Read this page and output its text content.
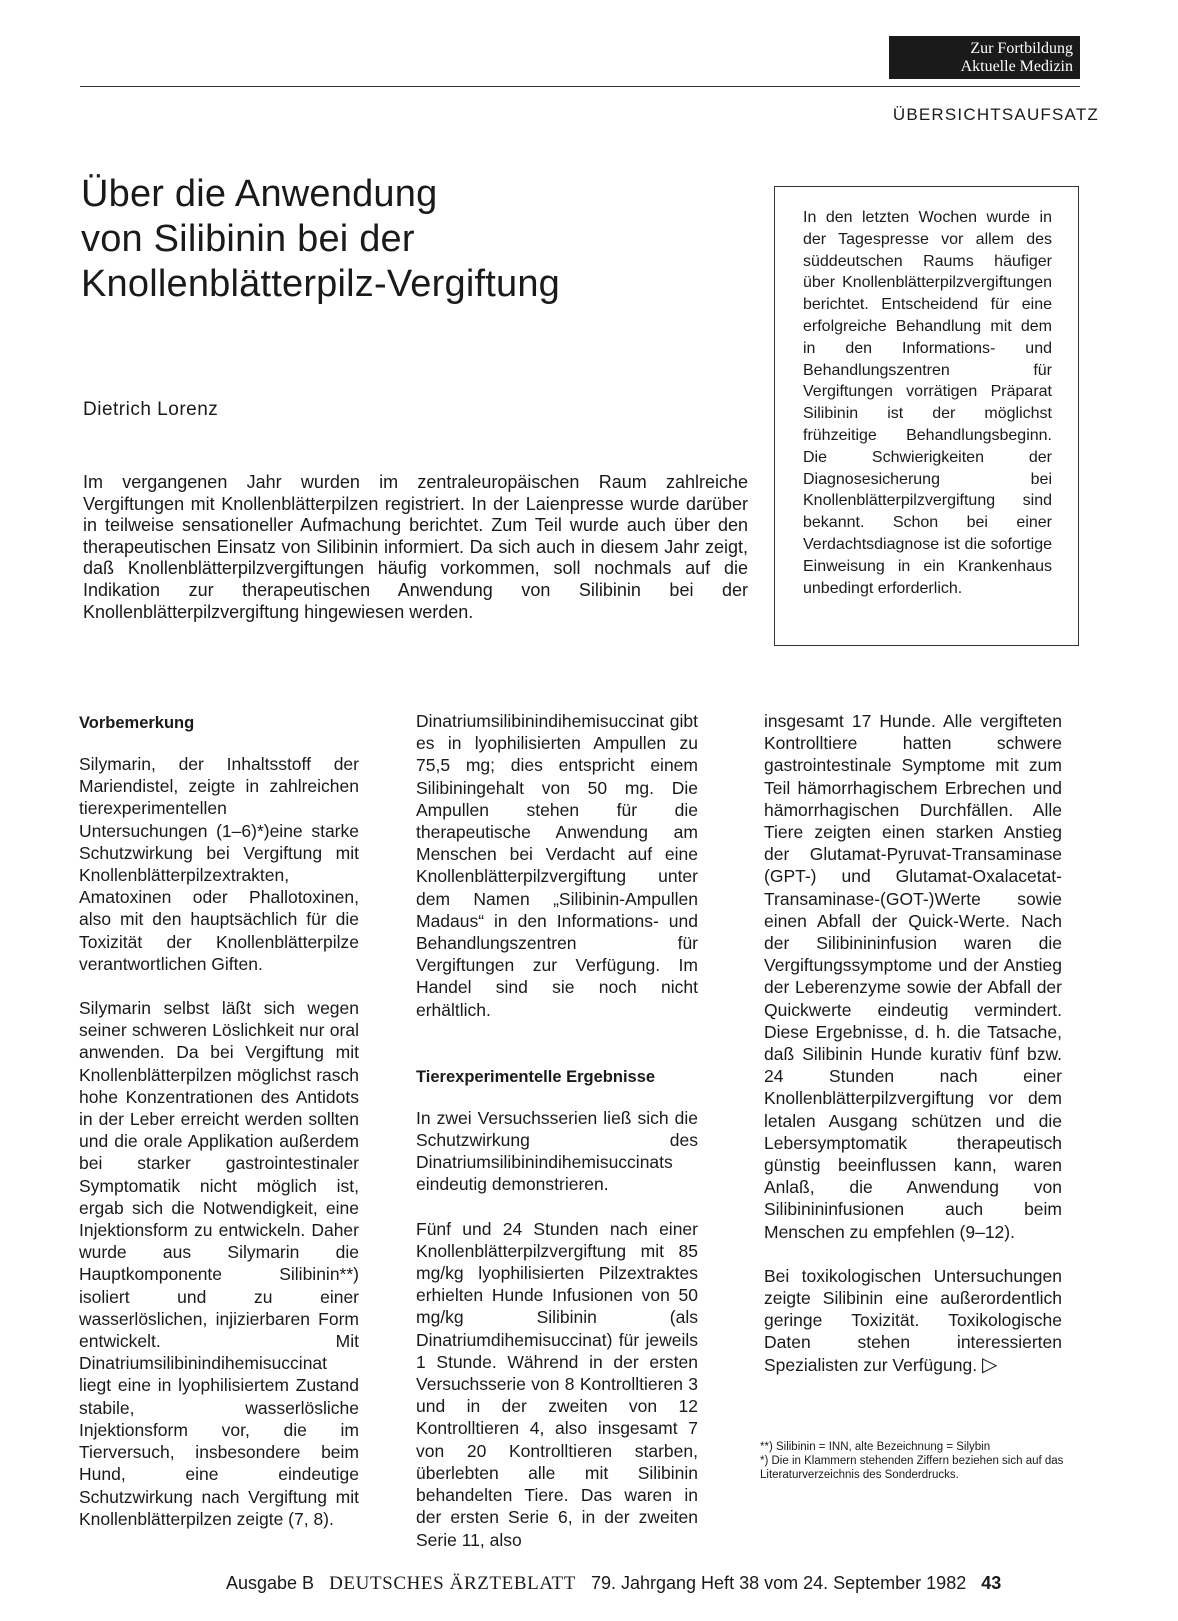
Zur Fortbildung
Aktuelle Medizin
ÜBERSICHTSAUFSATZ
Über die Anwendung
von Silibinin bei der
Knollenblätterpilz-Vergiftung
Dietrich Lorenz

Im vergangenen Jahr wurden im zentraleuropäischen Raum zahlreiche Vergiftungen mit Knollenblätterpilzen registriert. In der Laienpresse wurde darüber in teilweise sensationeller Aufmachung berichtet. Zum Teil wurde auch über den therapeutischen Einsatz von Silibinin informiert. Da sich auch in diesem Jahr zeigt, daß Knollenblätterpilzvergiftungen häufig vorkommen, soll nochmals auf die Indikation zur therapeutischen Anwendung von Silibinin bei der Knollenblätterpilzvergiftung hingewiesen werden.

In den letzten Wochen wurde in der Tagespresse vor allem des süddeutschen Raums häufiger über Knollenblätterpilzvergiftungen berichtet. Entscheidend für eine erfolgreiche Behandlung mit dem in den Informations- und Behandlungszentren für Vergiftungen vorrätigen Präparat Silibinin ist der möglichst frühzeitige Behandlungsbeginn. Die Schwierigkeiten der Diagnosesicherung bei Knollenblätterpilzvergiftung sind bekannt. Schon bei einer Verdachtsdiagnose ist die sofortige Einweisung in ein Krankenhaus unbedingt erforderlich.

Vorbemerkung

Silymarin, der Inhaltsstoff der Mariendistel, zeigte in zahlreichen tierexperimentellen Untersuchungen (1–6)*)eine starke Schutzwirkung bei Vergiftung mit Knollenblätterpilzextrakten, Amatoxinen oder Phallotoxinen, also mit den hauptsächlich für die Toxizität der Knollenblätterpilze verantwortlichen Giften.

Silymarin selbst läßt sich wegen seiner schweren Löslichkeit nur oral anwenden. Da bei Vergiftung mit Knollenblätterpilzen möglichst rasch hohe Konzentrationen des Antidots in der Leber erreicht werden sollten und die orale Applikation außerdem bei starker gastrointestinaler Symptomatik nicht möglich ist, ergab sich die Notwendigkeit, eine Injektionsform zu entwickeln. Daher wurde aus Silymarin die Hauptkomponente Silibinin**) isoliert und zu einer wasserlöslichen, injizierbaren Form entwickelt. Mit Dinatriumsilibinindihemisuccinat liegt eine in lyophilisiertem Zustand stabile, wasserlösliche Injektionsform vor, die im Tierversuch, insbesondere beim Hund, eine eindeutige Schutzwirkung nach Vergiftung mit Knollenblätterpilzen zeigte (7, 8).

Dinatriumsilibinindihemisuccinat gibt es in lyophilisierten Ampullen zu 75,5 mg; dies entspricht einem Silibiningehalt von 50 mg. Die Ampullen stehen für die therapeutische Anwendung am Menschen bei Verdacht auf eine Knollenblätterpilzvergiftung unter dem Namen „Silibinin-Ampullen Madaus“ in den Informations- und Behandlungszentren für Vergiftungen zur Verfügung. Im Handel sind sie noch nicht erhältlich.

Tierexperimentelle Ergebnisse

In zwei Versuchsserien ließ sich die Schutzwirkung des Dinatriumsilibinindihemisuccinats eindeutig demonstrieren.

Fünf und 24 Stunden nach einer Knollenblätterpilzvergiftung mit 85 mg/kg lyophilisierten Pilzextraktes erhielten Hunde Infusionen von 50 mg/kg Silibinin (als Dinatriumdihemisuccinat) für jeweils 1 Stunde. Während in der ersten Versuchsserie von 8 Kontrolltieren 3 und in der zweiten von 12 Kontrolltieren 4, also insgesamt 7 von 20 Kontrolltieren starben, überlebten alle mit Silibinin behandelten Tiere. Das waren in der ersten Serie 6, in der zweiten Serie 11, also

insgesamt 17 Hunde. Alle vergifteten Kontrolltiere hatten schwere gastrointestinale Symptome mit zum Teil hämorrhagischem Erbrechen und hämorrhagischen Durchfällen. Alle Tiere zeigten einen starken Anstieg der Glutamat-Pyruvat-Transaminase (GPT-) und Glutamat-Oxalacetat-Transaminase-(GOT-)Werte sowie einen Abfall der Quick-Werte. Nach der Silibinininfusion waren die Vergiftungssymptome und der Anstieg der Leberenzyme sowie der Abfall der Quickwerte eindeutig vermindert. Diese Ergebnisse, d. h. die Tatsache, daß Silibinin Hunde kurativ fünf bzw. 24 Stunden nach einer Knollenblätterpilzvergiftung vor dem letalen Ausgang schützen und die Lebersymptomatik therapeutisch günstig beeinflussen kann, waren Anlaß, die Anwendung von Silibinininfusionen auch beim Menschen zu empfehlen (9–12).

Bei toxikologischen Untersuchungen zeigte Silibinin eine außerordentlich geringe Toxizität. Toxikologische Daten stehen interessierten Spezialisten zur Verfügung. ▷

**) Silibinin = INN, alte Bezeichnung = Silybin
*) Die in Klammern stehenden Ziffern beziehen sich auf das Literaturverzeichnis des Sonderdrucks.
Ausgabe B DEUTSCHES ÄRZTEBLATT 79. Jahrgang Heft 38 vom 24. September 1982 43
